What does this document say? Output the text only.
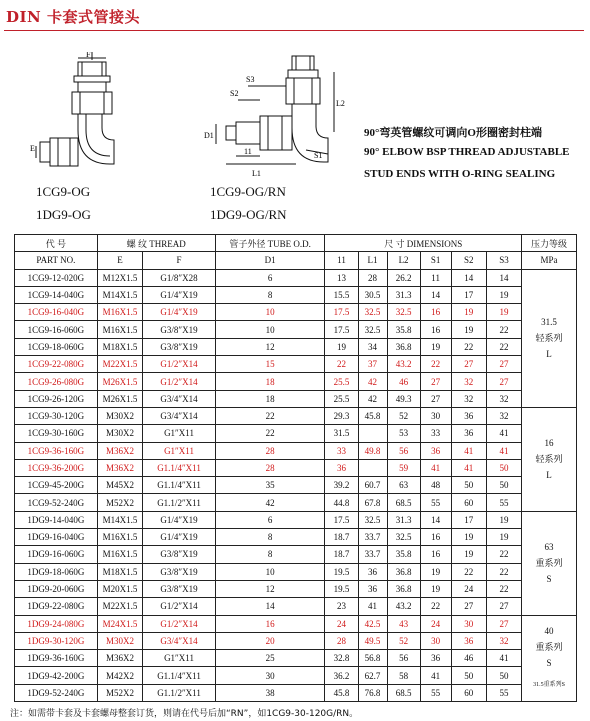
DIN 卡套式管接头
F
E
S3
S2
L2
D1
S1
11
L1
1CG9-OG
1DG9-OG
1CG9-OG/RN
1DG9-OG/RN
90°弯英管螺纹可调向O形圈密封柱端
90° ELBOW BSP THREAD ADJUSTABLE
STUD ENDS WITH O-RING SEALING
代 号	螺 纹 THREAD		管子外径 TUBE O.D.	尺 寸 DIMENSIONS						压力等级
PART NO.	E	F	D1	11	L1	L2	S1	S2	S3	MPa
1CG9-12-020G	M12X1.5	G1/8″X28	6	13	28	26.2	11	14	14	31.5
轻系列
L

1CG9-14-040G	M14X1.5	G1/4″X19	8	15.5	30.5	31.3	14	17	19	
1CG9-16-040G	M16X1.5	G1/4″X19	10	17.5	32.5	32.5	16	19	19	
1CG9-16-060G	M16X1.5	G3/8″X19	10	17.5	32.5	35.8	16	19	22	
1CG9-18-060G	M18X1.5	G3/8″X19	12	19	34	36.8	19	22	22	
1CG9-22-080G	M22X1.5	G1/2″X14	15	22	37	43.2	22	27	27	
1CG9-26-080G	M26X1.5	G1/2″X14	18	25.5	42	46	27	32	27	
1CG9-26-120G	M26X1.5	G3/4″X14	18	25.5	42	49.3	27	32	32	
1CG9-30-120G	M30X2	G3/4″X14	22	29.3	45.8	52	30	36	32	16
轻系列
L

1CG9-30-160G	M30X2	G1″X11	22	31.5		53	33	36	41	
1CG9-36-160G	M36X2	G1″X11	28	33	49.8	56	36	41	41	
1CG9-36-200G	M36X2	G1.1/4″X11	28	36		59	41	41	50	
1CG9-45-200G	M45X2	G1.1/4″X11	35	39.2	60.7	63	48	50	50	
1CG9-52-240G	M52X2	G1.1/2″X11	42	44.8	67.8	68.5	55	60	55	
1DG9-14-040G	M14X1.5	G1/4″X19	6	17.5	32.5	31.3	14	17	19	63
重系列
S

1DG9-16-040G	M16X1.5	G1/4″X19	8	18.7	33.7	32.5	16	19	19	
1DG9-16-060G	M16X1.5	G3/8″X19	8	18.7	33.7	35.8	16	19	22	
1DG9-18-060G	M18X1.5	G3/8″X19	10	19.5	36	36.8	19	22	22	
1DG9-20-060G	M20X1.5	G3/8″X19	12	19.5	36	36.8	19	24	22	
1DG9-22-080G	M22X1.5	G1/2″X14	14	23	41	43.2	22	27	27	
1DG9-24-080G	M24X1.5	G1/2″X14	16	24	42.5	43	24	30	27	40
重系列
S
31.5重系列S

1DG9-30-120G	M30X2	G3/4″X14	20	28	49.5	52	30	36	32	
1DG9-36-160G	M36X2	G1″X11	25	32.8	56.8	56	36	46	41	
1DG9-42-200G	M42X2	G1.1/4″X11	30	36.2	62.7	58	41	50	50	
1DG9-52-240G	M52X2	G1.1/2″X11	38	45.8	76.8	68.5	55	60	55	
注：如需带卡套及卡套螺母整套订货，则请在代号后加“RN”，如1CG9-30-120G/RN。
